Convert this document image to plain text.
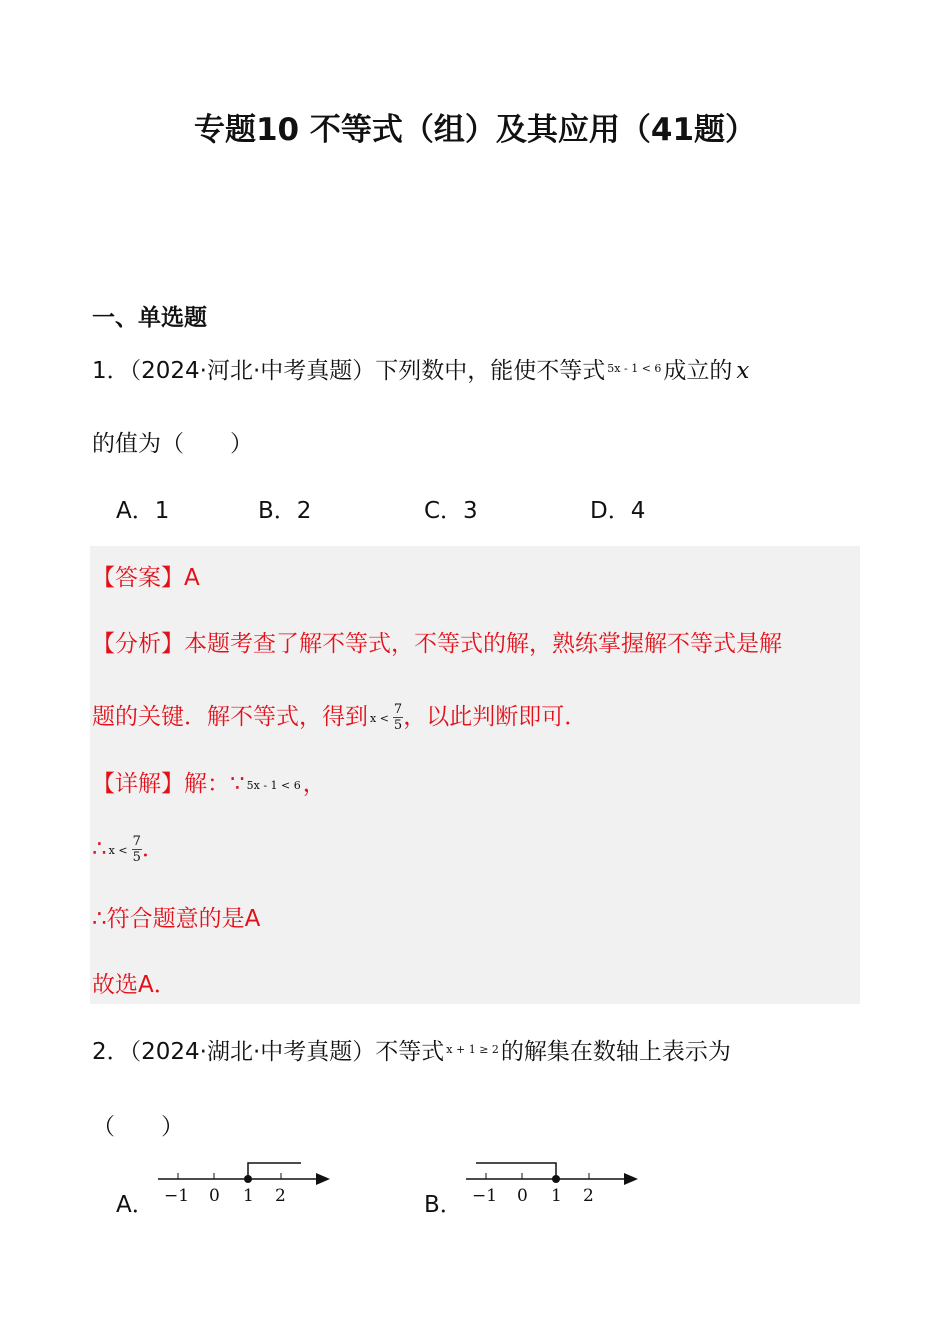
专题10 不等式（组）及其应用（41题）
一、单选题
1．（2024·河北·中考真题）下列数中，能使不等式 5x - 1 < 6成立的 x
的值为（　　）
A．1	B．2	C．3	D．4
【答案】A
【分析】本题考查了解不等式，不等式的解，熟练掌握解不等式是解
题的关键．解不等式，得到 $x < \frac{7}{5}$ ，以此判断即可．
【详解】解：∵ 5x - 1 < 6，
∴ $x < \frac{7}{5}$ ．
∴符合题意的是A
故选A．
2．（2024·湖北·中考真题）不等式 x + 1 ≥ 2的解集在数轴上表示为
（　　）
A． −1 0 1 2	B． −1 0 1 2
